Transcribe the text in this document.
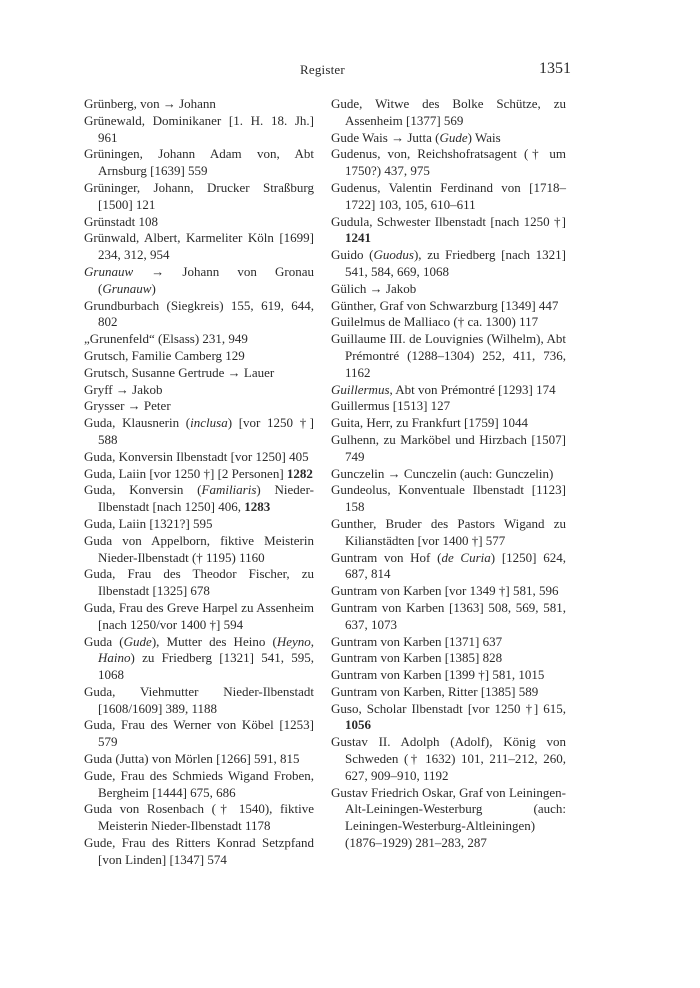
Register	1351
Grünberg, von → Johann
Grünewald, Dominikaner [1. H. 18. Jh.] 961
Grüningen, Johann Adam von, Abt Arnsburg [1639] 559
Grüninger, Johann, Drucker Straßburg [1500] 121
Grünstadt 108
Grünwald, Albert, Karmeliter Köln [1699] 234, 312, 954
Grunauw → Johann von Gronau (Grunauw)
Grundburbach (Siegkreis) 155, 619, 644, 802
„Grunenfeld“ (Elsass) 231, 949
Grutsch, Familie Camberg 129
Grutsch, Susanne Gertrude → Lauer
Gryff → Jakob
Grysser → Peter
Guda, Klausnerin (inclusa) [vor 1250 †] 588
Guda, Konversin Ilbenstadt [vor 1250] 405
Guda, Laiin [vor 1250 †] [2 Personen] 1282
Guda, Konversin (Familiaris) Nieder-Ilbenstadt [nach 1250] 406, 1283
Guda, Laiin [1321?] 595
Guda von Appelborn, fiktive Meisterin Nieder-Ilbenstadt († 1195) 1160
Guda, Frau des Theodor Fischer, zu Ilbenstadt [1325] 678
Guda, Frau des Greve Harpel zu Assenheim [nach 1250/vor 1400 †] 594
Guda (Gude), Mutter des Heino (Heyno, Haino) zu Friedberg [1321] 541, 595, 1068
Guda, Viehmutter Nieder-Ilbenstadt [1608/1609] 389, 1188
Guda, Frau des Werner von Köbel [1253] 579
Guda (Jutta) von Mörlen [1266] 591, 815
Gude, Frau des Schmieds Wigand Froben, Bergheim [1444] 675, 686
Guda von Rosenbach († 1540), fiktive Meisterin Nieder-Ilbenstadt 1178
Gude, Frau des Ritters Konrad Setzpfand [von Linden] [1347] 574
Gude, Witwe des Bolke Schütze, zu Assenheim [1377] 569
Gude Wais → Jutta (Gude) Wais
Gudenus, von, Reichshofratsagent († um 1750?) 437, 975
Gudenus, Valentin Ferdinand von [1718–1722] 103, 105, 610–611
Gudula, Schwester Ilbenstadt [nach 1250 †] 1241
Guido (Guodus), zu Friedberg [nach 1321] 541, 584, 669, 1068
Gülich → Jakob
Günther, Graf von Schwarzburg [1349] 447
Guilelmus de Malliaco († ca. 1300) 117
Guillaume III. de Louvignies (Wilhelm), Abt Prémontré (1288–1304) 252, 411, 736, 1162
Guillermus, Abt von Prémontré [1293] 174
Guillermus [1513] 127
Guita, Herr, zu Frankfurt [1759] 1044
Gulhenn, zu Marköbel und Hirzbach [1507] 749
Gunczelin → Cunczelin (auch: Gunczelin)
Gundeolus, Konventuale Ilbenstadt [1123] 158
Gunther, Bruder des Pastors Wigand zu Kilianstädten [vor 1400 †] 577
Guntram von Hof (de Curia) [1250] 624, 687, 814
Guntram von Karben [vor 1349 †] 581, 596
Guntram von Karben [1363] 508, 569, 581, 637, 1073
Guntram von Karben [1371] 637
Guntram von Karben [1385] 828
Guntram von Karben [1399 †] 581, 1015
Guntram von Karben, Ritter [1385] 589
Guso, Scholar Ilbenstadt [vor 1250 †] 615, 1056
Gustav II. Adolph (Adolf), König von Schweden († 1632) 101, 211–212, 260, 627, 909–910, 1192
Gustav Friedrich Oskar, Graf von Leiningen-Alt-Leiningen-Westerburg (auch: Leiningen-Westerburg-Altleiningen) (1876–1929) 281–283, 287
